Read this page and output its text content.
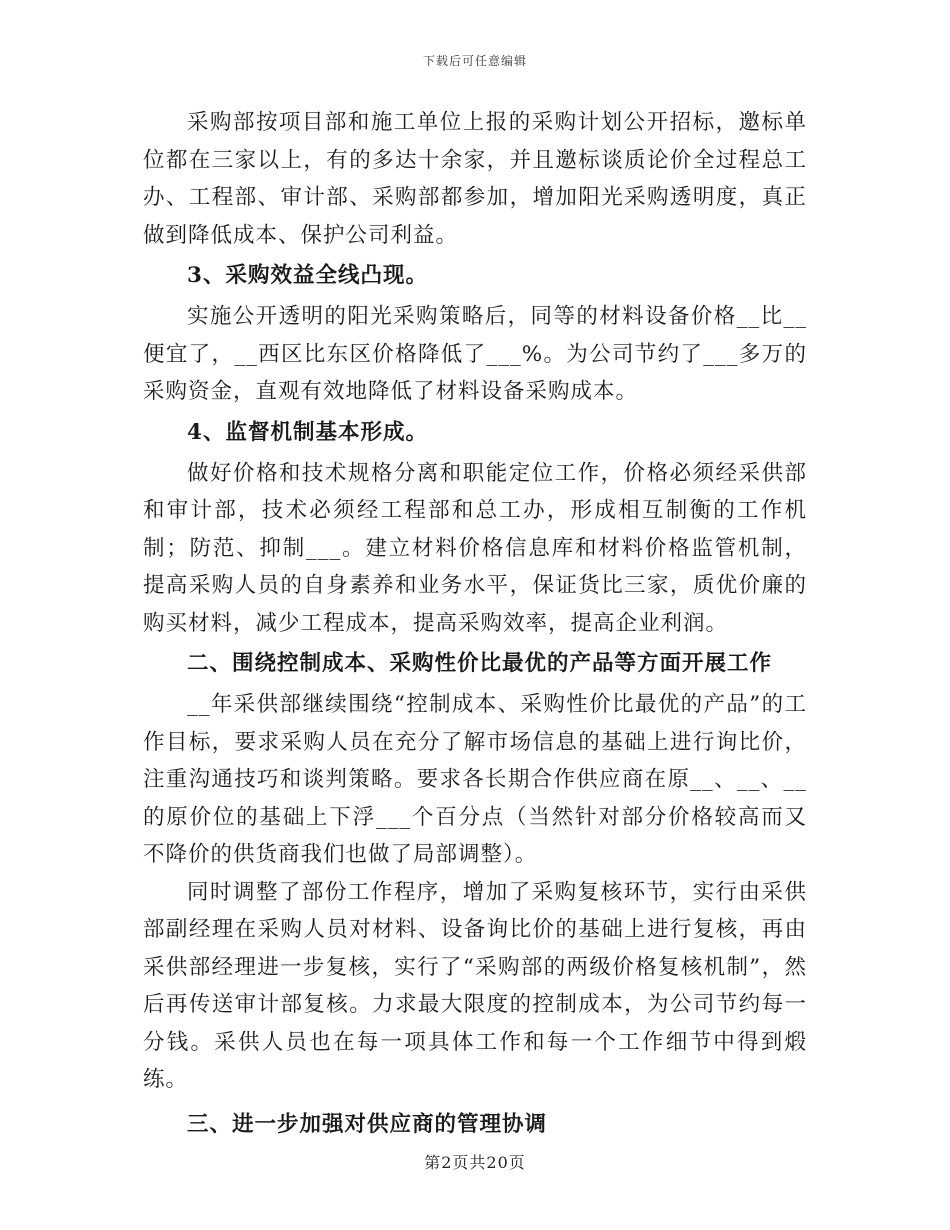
下载后可任意编辑

采购部按项目部和施工单位上报的采购计划公开招标，邀标单位都在三家以上，有的多达十余家，并且邀标谈质论价全过程总工办、工程部、审计部、采购部都参加，增加阳光采购透明度，真正做到降低成本、保护公司利益。

3、采购效益全线凸现。

实施公开透明的阳光采购策略后，同等的材料设备价格__比__便宜了，__西区比东区价格降低了___%。为公司节约了___多万的采购资金，直观有效地降低了材料设备采购成本。

4、监督机制基本形成。

做好价格和技术规格分离和职能定位工作，价格必须经采供部和审计部，技术必须经工程部和总工办，形成相互制衡的工作机制；防范、抑制___。建立材料价格信息库和材料价格监管机制，提高采购人员的自身素养和业务水平，保证货比三家，质优价廉的购买材料，减少工程成本，提高采购效率，提高企业利润。

二、围绕控制成本、采购性价比最优的产品等方面开展工作

__年采供部继续围绕“控制成本、采购性价比最优的产品”的工作目标，要求采购人员在充分了解市场信息的基础上进行询比价，注重沟通技巧和谈判策略。要求各长期合作供应商在原__、__、__的原价位的基础上下浮___个百分点（当然针对部分价格较高而又不降价的供货商我们也做了局部调整）。

同时调整了部份工作程序，增加了采购复核环节，实行由采供部副经理在采购人员对材料、设备询比价的基础上进行复核，再由采供部经理进一步复核，实行了“采购部的两级价格复核机制”，然后再传送审计部复核。力求最大限度的控制成本，为公司节约每一分钱。采供人员也在每一项具体工作和每一个工作细节中得到煅练。

三、进一步加强对供应商的管理协调

第2页共20页
